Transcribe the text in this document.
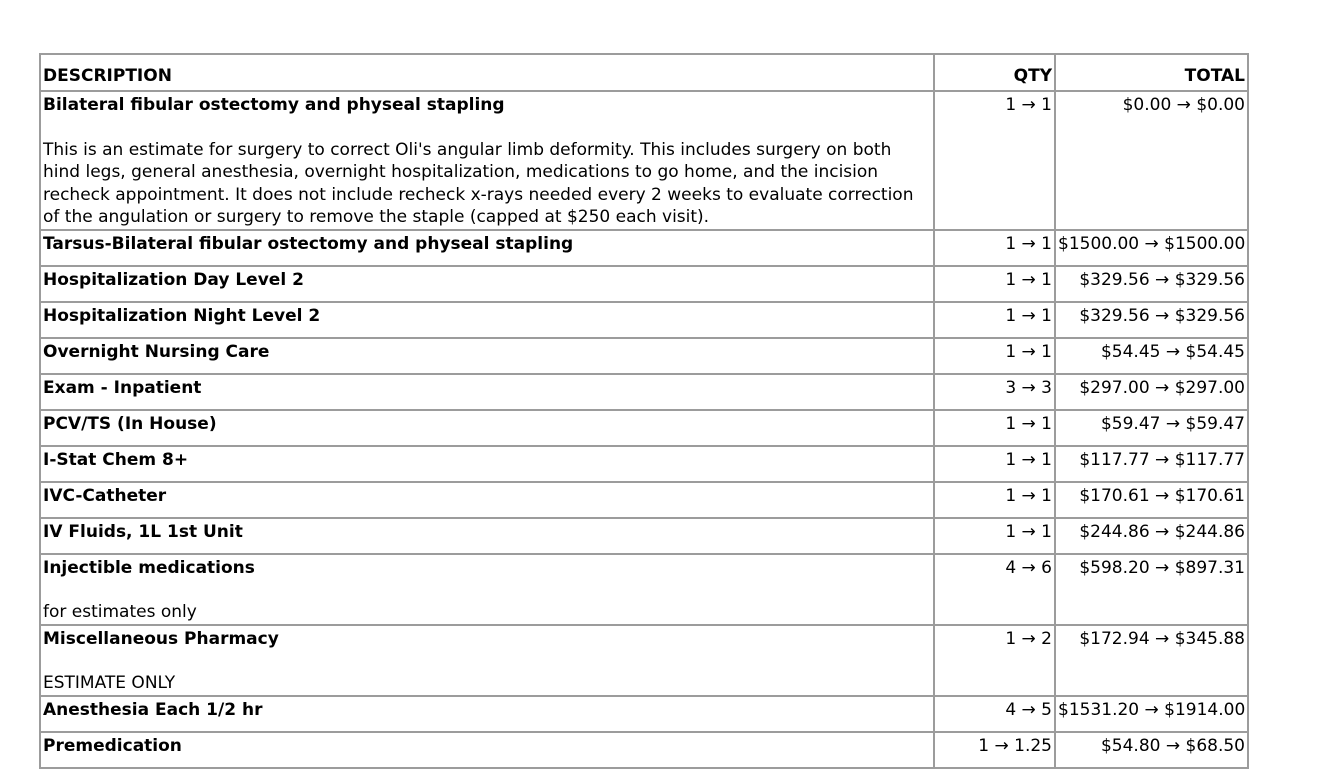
DESCRIPTION	QTY	TOTAL

Bilateral fibular ostectomy and physeal stapling
This is an estimate for surgery to correct Oli's angular limb deformity. This includes surgery on both hind legs, general anesthesia, overnight hospitalization, medications to go home, and the incision recheck appointment. It does not include recheck x-rays needed every 2 weeks to evaluate correction of the angulation or surgery to remove the staple (capped at $250 each visit).	1 → 1	$0.00 → $0.00

Tarsus-Bilateral fibular ostectomy and physeal stapling	1 → 1	$1500.00 → $1500.00

Hospitalization Day Level 2	1 → 1	$329.56 → $329.56

Hospitalization Night Level 2	1 → 1	$329.56 → $329.56

Overnight Nursing Care	1 → 1	$54.45 → $54.45

Exam - Inpatient	3 → 3	$297.00 → $297.00

PCV/TS (In House)	1 → 1	$59.47 → $59.47

I-Stat Chem 8+	1 → 1	$117.77 → $117.77

IVC-Catheter	1 → 1	$170.61 → $170.61

IV Fluids, 1L 1st Unit	1 → 1	$244.86 → $244.86

Injectible medications
for estimates only	4 → 6	$598.20 → $897.31

Miscellaneous Pharmacy
ESTIMATE ONLY	1 → 2	$172.94 → $345.88

Anesthesia Each 1/2 hr	4 → 5	$1531.20 → $1914.00

Premedication	1 → 1.25	$54.80 → $68.50
